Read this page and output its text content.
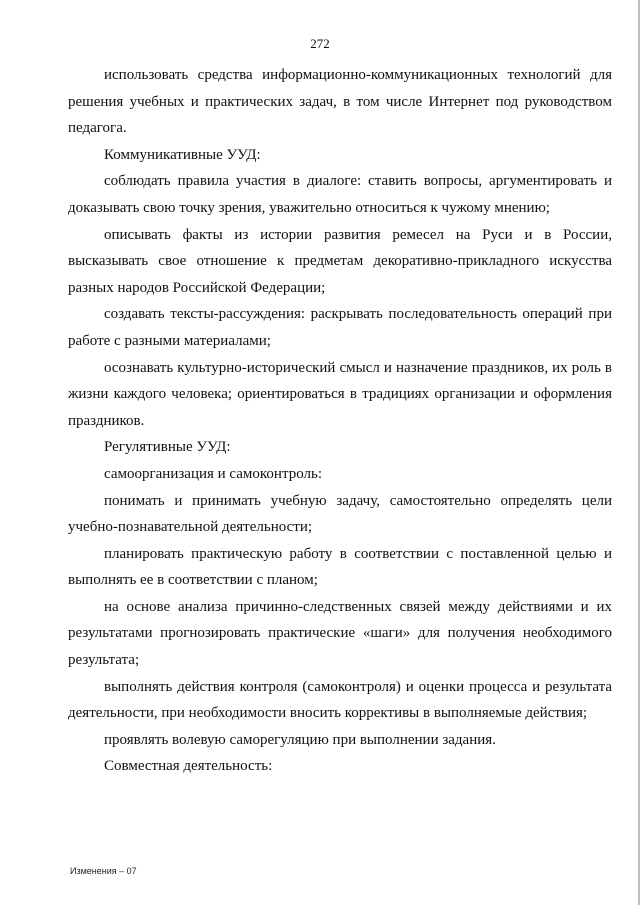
272

использовать средства информационно-коммуникационных технологий для решения учебных и практических задач, в том числе Интернет под руководством педагога.

Коммуникативные УУД:

соблюдать правила участия в диалоге: ставить вопросы, аргументировать и доказывать свою точку зрения, уважительно относиться к чужому мнению;

описывать факты из истории развития ремесел на Руси и в России, высказывать свое отношение к предметам декоративно-прикладного искусства разных народов Российской Федерации;

создавать тексты-рассуждения: раскрывать последовательность операций при работе с разными материалами;

осознавать культурно-исторический смысл и назначение праздников, их роль в жизни каждого человека; ориентироваться в традициях организации и оформления праздников.

Регулятивные УУД:

самоорганизация и самоконтроль:

понимать и принимать учебную задачу, самостоятельно определять цели учебно-познавательной деятельности;

планировать практическую работу в соответствии с поставленной целью и выполнять ее в соответствии с планом;

на основе анализа причинно-следственных связей между действиями и их результатами прогнозировать практические «шаги» для получения необходимого результата;

выполнять действия контроля (самоконтроля) и оценки процесса и результата деятельности, при необходимости вносить коррективы в выполняемые действия;

проявлять волевую саморегуляцию при выполнении задания.

Совместная деятельность:

Изменения – 07
